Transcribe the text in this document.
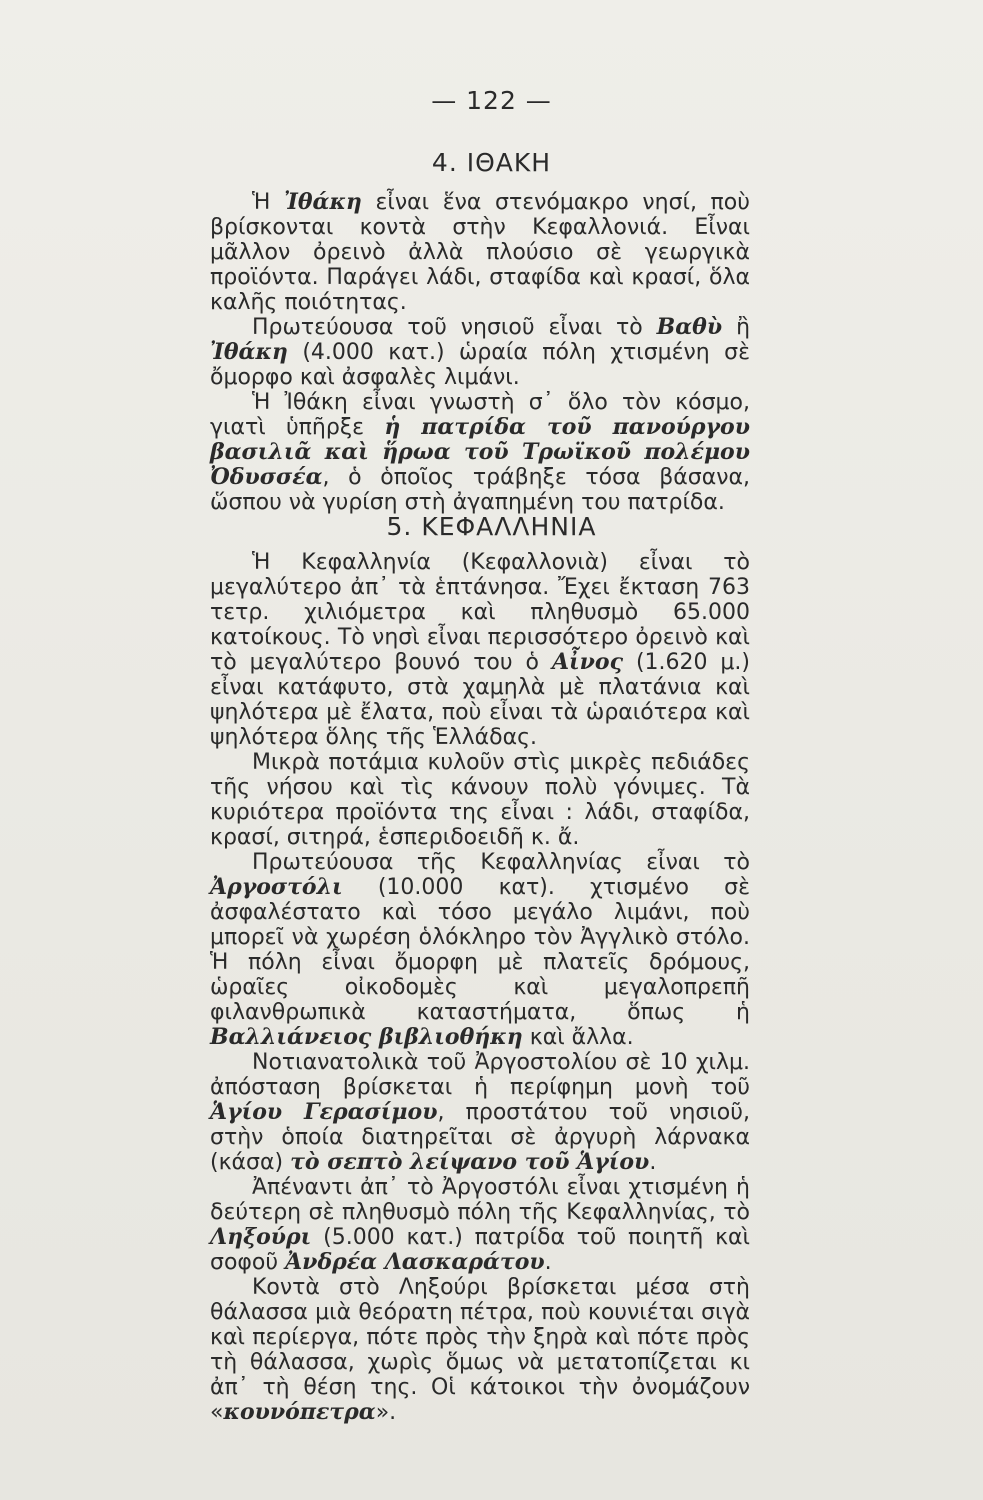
— 122 —
4. ΙΘΑΚΗ

Ἡ Ἰθάκη εἶναι ἕνα στενόμακρο νησί, ποὺ βρίσκονται κοντὰ στὴν Κεφαλλονιά. Εἶναι μᾶλλον ὀρεινὸ ἀλλὰ πλούσιο σὲ γεωργικὰ προϊόντα. Παράγει λάδι, σταφίδα καὶ κρασί, ὅλα καλῆς ποιότητας.

Πρωτεύουσα τοῦ νησιοῦ εἶναι τὸ Βαθὺ ἢ Ἰθάκη (4.000 κατ.) ὡραία πόλη χτισμένη σὲ ὄμορφο καὶ ἀσφαλὲς λιμάνι.

Ἡ Ἰθάκη εἶναι γνωστὴ σ᾽ ὅλο τὸν κόσμο, γιατὶ ὑπῆρξε ἡ πατρίδα τοῦ πανούργου βασιλιᾶ καὶ ἥρωα τοῦ Τρωϊκοῦ πολέμου Ὀδυσσέα, ὁ ὁποῖος τράβηξε τόσα βάσανα, ὥσπου νὰ γυρίση στὴ ἀγαπημένη του πατρίδα.

5. ΚΕΦΑΛΛΗΝΙΑ

Ἡ Κεφαλληνία (Κεφαλλονιὰ) εἶναι τὸ μεγαλύτερο ἀπ᾽ τὰ ἑπτάνησα. Ἔχει ἔκταση 763 τετρ. χιλιόμετρα καὶ πληθυσμὸ 65.000 κατοίκους. Τὸ νησὶ εἶναι περισσότερο ὀρεινὸ καὶ τὸ μεγαλύτερο βουνό του ὁ Αἶνος (1.620 μ.) εἶναι κατάφυτο, στὰ χαμηλὰ μὲ πλατάνια καὶ ψηλότερα μὲ ἔλατα, ποὺ εἶναι τὰ ὡραιότερα καὶ ψηλότερα ὅλης τῆς Ἑλλάδας.

Μικρὰ ποτάμια κυλοῦν στὶς μικρὲς πεδιάδες τῆς νήσου καὶ τὶς κάνουν πολὺ γόνιμες. Τὰ κυριότερα προϊόντα της εἶναι : λάδι, σταφίδα, κρασί, σιτηρά, ἑσπεριδοειδῆ κ. ἄ.

Πρωτεύουσα τῆς Κεφαλληνίας εἶναι τὸ Ἀργοστόλι (10.000 κατ). χτισμένο σὲ ἀσφαλέστατο καὶ τόσο μεγάλο λιμάνι, ποὺ μπορεῖ νὰ χωρέση ὁλόκληρο τὸν Ἀγγλικὸ στόλο. Ἡ πόλη εἶναι ὄμορφη μὲ πλατεῖς δρόμους, ὡραῖες οἰκοδομὲς καὶ μεγαλοπρεπῆ φιλανθρωπικὰ καταστήματα, ὅπως ἡ Βαλλιάνειος βιβλιοθήκη καὶ ἄλλα.

Νοτιανατολικὰ τοῦ Ἀργοστολίου σὲ 10 χιλμ. ἀπόσταση βρίσκεται ἡ περίφημη μονὴ τοῦ Ἁγίου Γερασίμου, προστάτου τοῦ νησιοῦ, στὴν ὁποία διατηρεῖται σὲ ἀργυρὴ λάρνακα (κάσα) τὸ σεπτὸ λείψανο τοῦ Ἁγίου.

Ἀπέναντι ἀπ᾽ τὸ Ἀργοστόλι εἶναι χτισμένη ἡ δεύτερη σὲ πληθυσμὸ πόλη τῆς Κεφαλληνίας, τὸ Ληξούρι (5.000 κατ.) πατρίδα τοῦ ποιητῆ καὶ σοφοῦ Ἀνδρέα Λασκαράτου.

Κοντὰ στὸ Ληξούρι βρίσκεται μέσα στὴ θάλασσα μιὰ θεόρατη πέτρα, ποὺ κουνιέται σιγὰ καὶ περίεργα, πότε πρὸς τὴν ξηρὰ καὶ πότε πρὸς τὴ θάλασσα, χωρὶς ὅμως νὰ μετατοπίζεται κι ἀπ᾽ τὴ θέση της. Οἱ κάτοικοι τὴν ὀνομάζουν «κουνόπετρα».
